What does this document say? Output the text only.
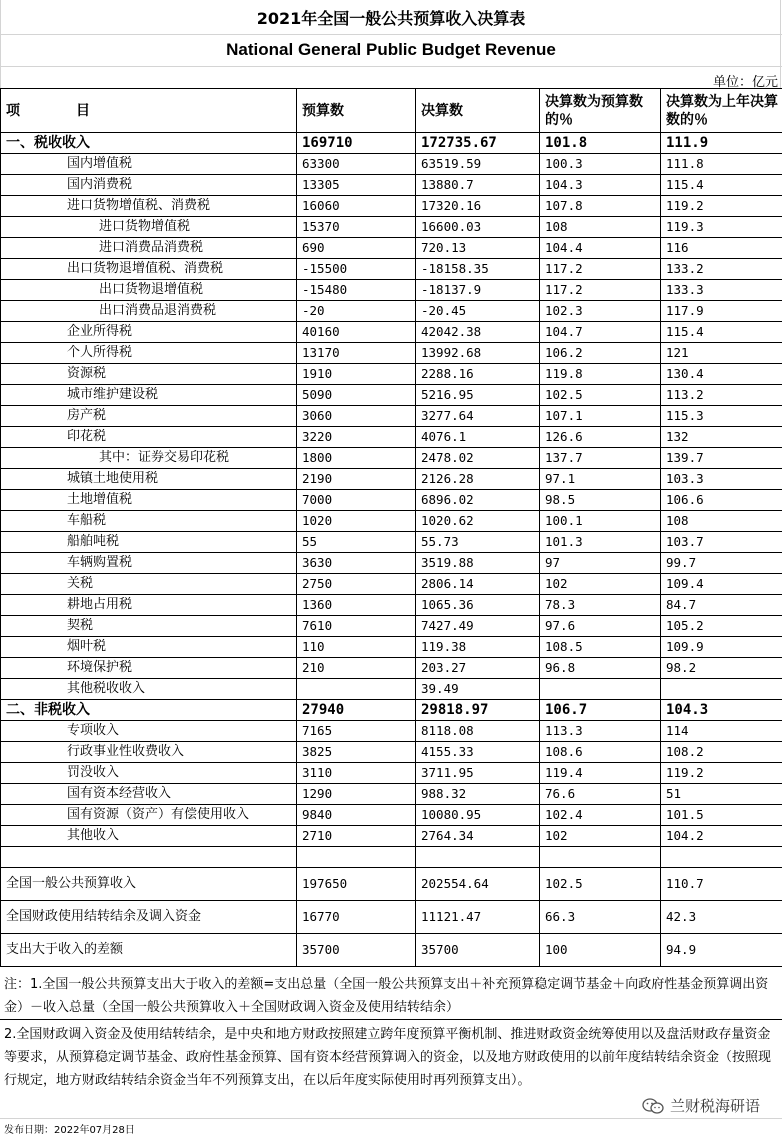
2021年全国一般公共预算收入决算表
National General Public Budget Revenue
单位：亿元
项　　　　目	预算数	决算数	决算数为预算数的％	决算数为上年决算数的％
一、税收收入	169710	172735.67	101.8	111.9
国内增值税	63300	63519.59	100.3	111.8
国内消费税	13305	13880.7	104.3	115.4
进口货物增值税、消费税	16060	17320.16	107.8	119.2
进口货物增值税	15370	16600.03	108	119.3
进口消费品消费税	690	720.13	104.4	116
出口货物退增值税、消费税	-15500	-18158.35	117.2	133.2
出口货物退增值税	-15480	-18137.9	117.2	133.3
出口消费品退消费税	-20	-20.45	102.3	117.9
企业所得税	40160	42042.38	104.7	115.4
个人所得税	13170	13992.68	106.2	121
资源税	1910	2288.16	119.8	130.4
城市维护建设税	5090	5216.95	102.5	113.2
房产税	3060	3277.64	107.1	115.3
印花税	3220	4076.1	126.6	132
其中：证券交易印花税	1800	2478.02	137.7	139.7
城镇土地使用税	2190	2126.28	97.1	103.3
土地增值税	7000	6896.02	98.5	106.6
车船税	1020	1020.62	100.1	108
船舶吨税	55	55.73	101.3	103.7
车辆购置税	3630	3519.88	97	99.7
关税	2750	2806.14	102	109.4
耕地占用税	1360	1065.36	78.3	84.7
契税	7610	7427.49	97.6	105.2
烟叶税	110	119.38	108.5	109.9
环境保护税	210	203.27	96.8	98.2
其他税收收入		39.49		
二、非税收入	27940	29818.97	106.7	104.3
专项收入	7165	8118.08	113.3	114
行政事业性收费收入	3825	4155.33	108.6	108.2
罚没收入	3110	3711.95	119.4	119.2
国有资本经营收入	1290	988.32	76.6	51
国有资源（资产）有偿使用收入	9840	10080.95	102.4	101.5
其他收入	2710	2764.34	102	104.2

全国一般公共预算收入	197650	202554.64	102.5	110.7
全国财政使用结转结余及调入资金	16770	11121.47	66.3	42.3
支出大于收入的差额	35700	35700	100	94.9
注：1.全国一般公共预算支出大于收入的差额=支出总量（全国一般公共预算支出＋补充预算稳定调节基金＋向政府性基金预算调出资金）－收入总量（全国一般公共预算收入＋全国财政调入资金及使用结转结余）
2.全国财政调入资金及使用结转结余，是中央和地方财政按照建立跨年度预算平衡机制、推进财政资金统筹使用以及盘活财政存量资金等要求，从预算稳定调节基金、政府性基金预算、国有资本经营预算调入的资金，以及地方财政使用的以前年度结转结余资金（按照现行规定，地方财政结转结余资金当年不列预算支出，在以后年度实际使用时再列预算支出）。
发布日期：2022年07月28日
兰财税海研语
